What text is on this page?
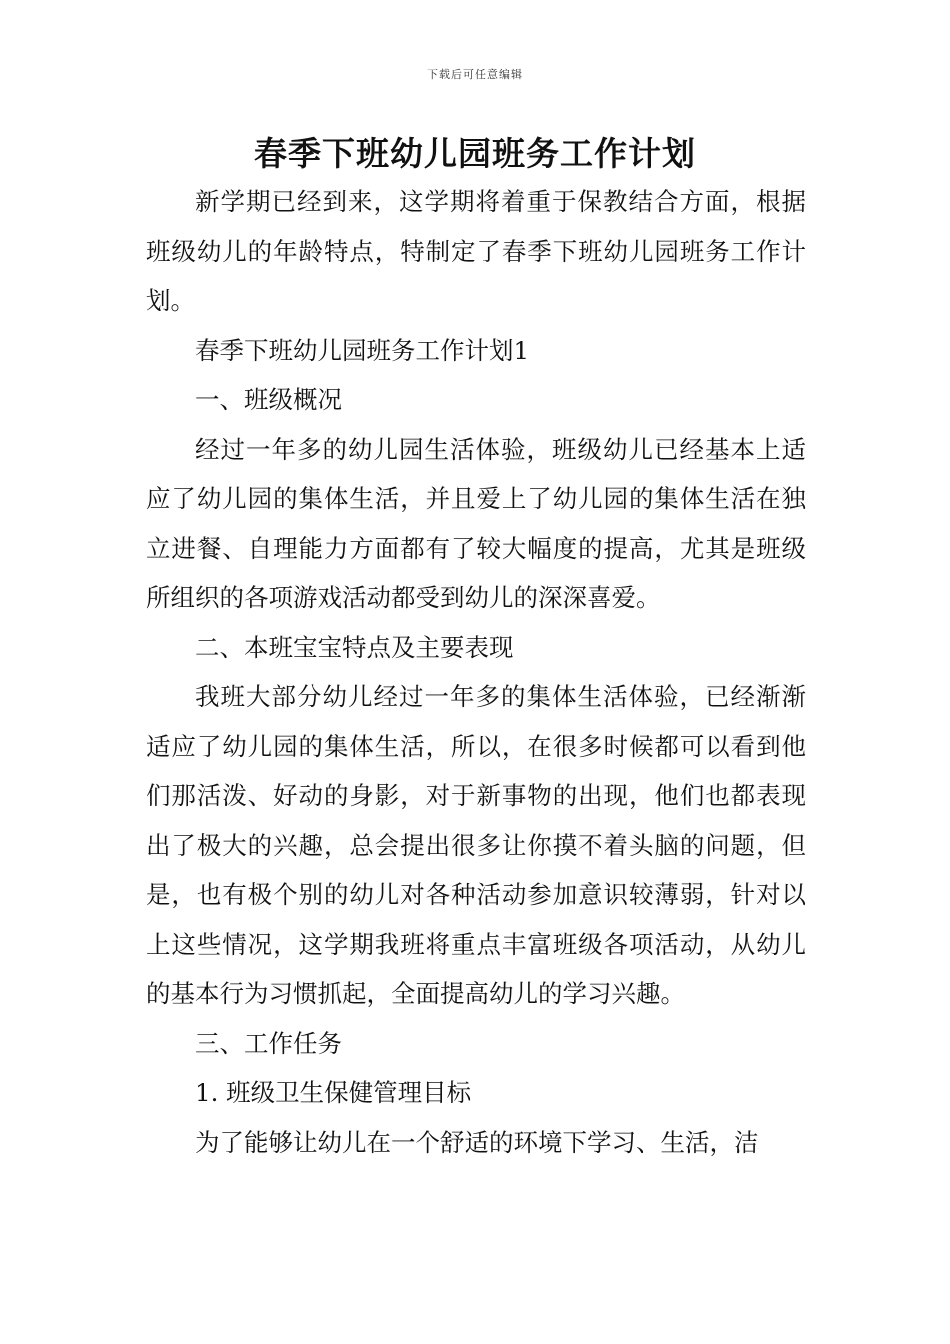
下载后可任意编辑
春季下班幼儿园班务工作计划

新学期已经到来，这学期将着重于保教结合方面，根据班级幼儿的年龄特点，特制定了春季下班幼儿园班务工作计划。

春季下班幼儿园班务工作计划1

一、班级概况

经过一年多的幼儿园生活体验，班级幼儿已经基本上适应了幼儿园的集体生活，并且爱上了幼儿园的集体生活在独立进餐、自理能力方面都有了较大幅度的提高，尤其是班级所组织的各项游戏活动都受到幼儿的深深喜爱。

二、本班宝宝特点及主要表现

我班大部分幼儿经过一年多的集体生活体验，已经渐渐适应了幼儿园的集体生活，所以，在很多时候都可以看到他们那活泼、好动的身影，对于新事物的出现，他们也都表现出了极大的兴趣，总会提出很多让你摸不着头脑的问题，但是，也有极个别的幼儿对各种活动参加意识较薄弱，针对以上这些情况，这学期我班将重点丰富班级各项活动，从幼儿的基本行为习惯抓起，全面提高幼儿的学习兴趣。

三、工作任务

1. 班级卫生保健管理目标

为了能够让幼儿在一个舒适的环境下学习、生活，洁
